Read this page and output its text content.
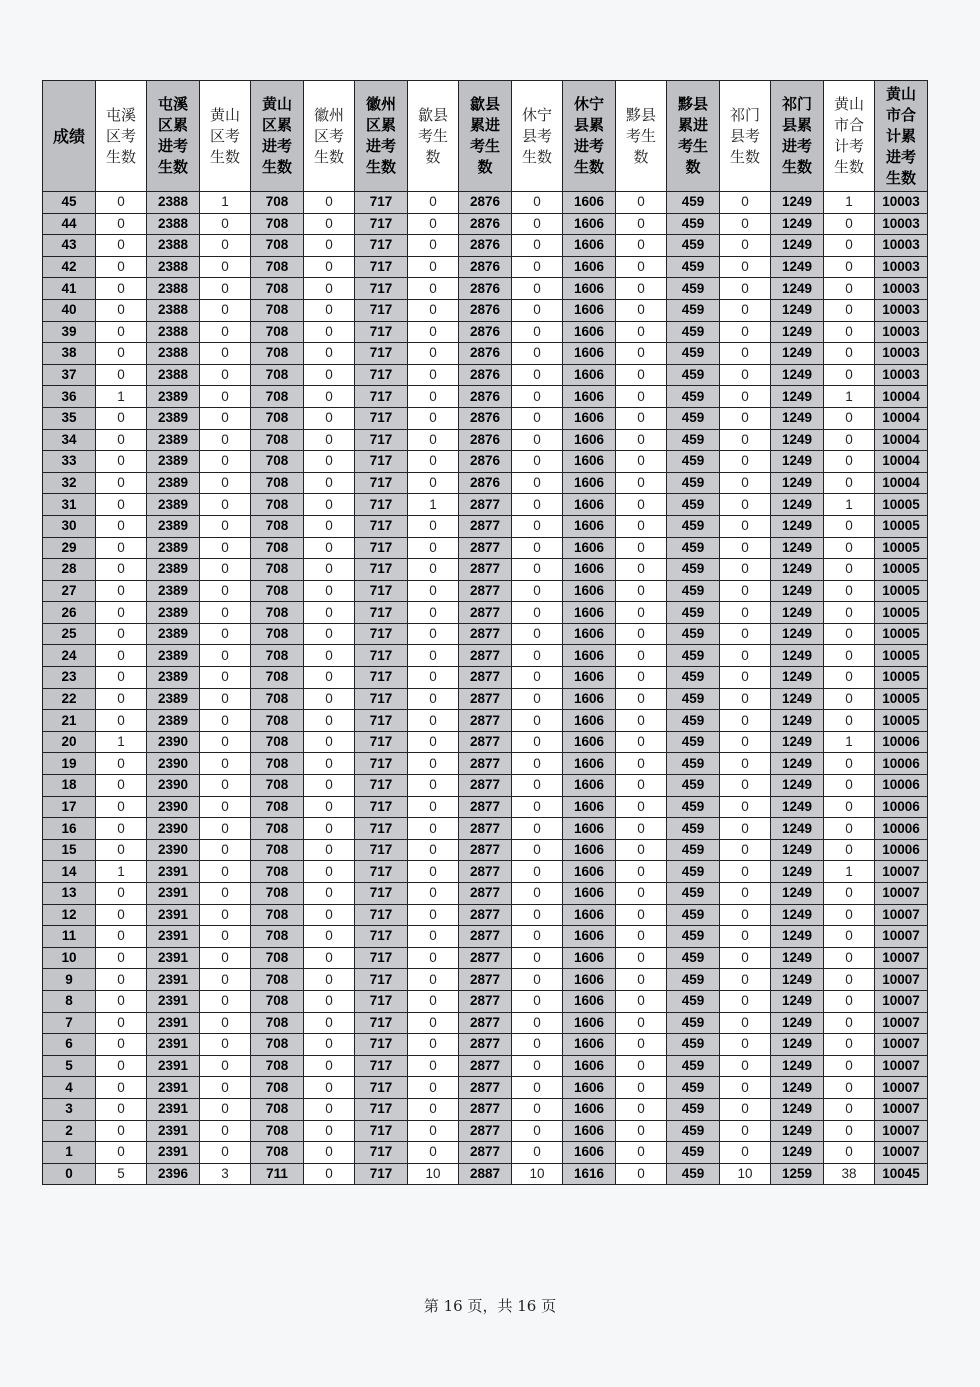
成绩	屯溪区考生数	屯溪区累进考生数	黄山区考生数	黄山区累进考生数	徽州区考生数	徽州区累进考生数	歙县考生数	歙县累进考生数	休宁县考生数	休宁县累进考生数	黟县考生数	黟县累进考生数	祁门县考生数	祁门县累进考生数	黄山市合计考生数	黄山市合计累进考生数
45	0	2388	1	708	0	717	0	2876	0	1606	0	459	0	1249	1	10003
44	0	2388	0	708	0	717	0	2876	0	1606	0	459	0	1249	0	10003
43	0	2388	0	708	0	717	0	2876	0	1606	0	459	0	1249	0	10003
42	0	2388	0	708	0	717	0	2876	0	1606	0	459	0	1249	0	10003
41	0	2388	0	708	0	717	0	2876	0	1606	0	459	0	1249	0	10003
40	0	2388	0	708	0	717	0	2876	0	1606	0	459	0	1249	0	10003
39	0	2388	0	708	0	717	0	2876	0	1606	0	459	0	1249	0	10003
38	0	2388	0	708	0	717	0	2876	0	1606	0	459	0	1249	0	10003
37	0	2388	0	708	0	717	0	2876	0	1606	0	459	0	1249	0	10003
36	1	2389	0	708	0	717	0	2876	0	1606	0	459	0	1249	1	10004
35	0	2389	0	708	0	717	0	2876	0	1606	0	459	0	1249	0	10004
34	0	2389	0	708	0	717	0	2876	0	1606	0	459	0	1249	0	10004
33	0	2389	0	708	0	717	0	2876	0	1606	0	459	0	1249	0	10004
32	0	2389	0	708	0	717	0	2876	0	1606	0	459	0	1249	0	10004
31	0	2389	0	708	0	717	1	2877	0	1606	0	459	0	1249	1	10005
30	0	2389	0	708	0	717	0	2877	0	1606	0	459	0	1249	0	10005
29	0	2389	0	708	0	717	0	2877	0	1606	0	459	0	1249	0	10005
28	0	2389	0	708	0	717	0	2877	0	1606	0	459	0	1249	0	10005
27	0	2389	0	708	0	717	0	2877	0	1606	0	459	0	1249	0	10005
26	0	2389	0	708	0	717	0	2877	0	1606	0	459	0	1249	0	10005
25	0	2389	0	708	0	717	0	2877	0	1606	0	459	0	1249	0	10005
24	0	2389	0	708	0	717	0	2877	0	1606	0	459	0	1249	0	10005
23	0	2389	0	708	0	717	0	2877	0	1606	0	459	0	1249	0	10005
22	0	2389	0	708	0	717	0	2877	0	1606	0	459	0	1249	0	10005
21	0	2389	0	708	0	717	0	2877	0	1606	0	459	0	1249	0	10005
20	1	2390	0	708	0	717	0	2877	0	1606	0	459	0	1249	1	10006
19	0	2390	0	708	0	717	0	2877	0	1606	0	459	0	1249	0	10006
18	0	2390	0	708	0	717	0	2877	0	1606	0	459	0	1249	0	10006
17	0	2390	0	708	0	717	0	2877	0	1606	0	459	0	1249	0	10006
16	0	2390	0	708	0	717	0	2877	0	1606	0	459	0	1249	0	10006
15	0	2390	0	708	0	717	0	2877	0	1606	0	459	0	1249	0	10006
14	1	2391	0	708	0	717	0	2877	0	1606	0	459	0	1249	1	10007
13	0	2391	0	708	0	717	0	2877	0	1606	0	459	0	1249	0	10007
12	0	2391	0	708	0	717	0	2877	0	1606	0	459	0	1249	0	10007
11	0	2391	0	708	0	717	0	2877	0	1606	0	459	0	1249	0	10007
10	0	2391	0	708	0	717	0	2877	0	1606	0	459	0	1249	0	10007
9	0	2391	0	708	0	717	0	2877	0	1606	0	459	0	1249	0	10007
8	0	2391	0	708	0	717	0	2877	0	1606	0	459	0	1249	0	10007
7	0	2391	0	708	0	717	0	2877	0	1606	0	459	0	1249	0	10007
6	0	2391	0	708	0	717	0	2877	0	1606	0	459	0	1249	0	10007
5	0	2391	0	708	0	717	0	2877	0	1606	0	459	0	1249	0	10007
4	0	2391	0	708	0	717	0	2877	0	1606	0	459	0	1249	0	10007
3	0	2391	0	708	0	717	0	2877	0	1606	0	459	0	1249	0	10007
2	0	2391	0	708	0	717	0	2877	0	1606	0	459	0	1249	0	10007
1	0	2391	0	708	0	717	0	2877	0	1606	0	459	0	1249	0	10007
0	5	2396	3	711	0	717	10	2887	10	1616	0	459	10	1259	38	10045
第 16 页，共 16 页
